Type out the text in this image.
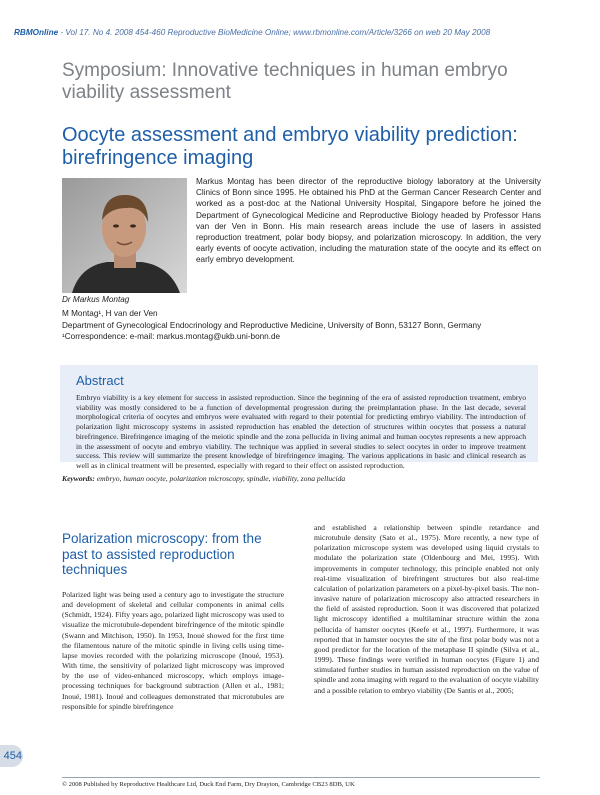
RBMOnline - Vol 17. No 4. 2008 454-460 Reproductive BioMedicine Online; www.rbmonline.com/Article/3266 on web 20 May 2008
Symposium: Innovative techniques in human embryo viability assessment
Oocyte assessment and embryo viability prediction: birefringence imaging
Markus Montag has been director of the reproductive biology laboratory at the University Clinics of Bonn since 1995. He obtained his PhD at the German Cancer Research Center and worked as a post-doc at the National University Hospital, Singapore before he joined the Department of Gynecological Medicine and Reproductive Biology headed by Professor Hans van der Ven in Bonn. His main research areas include the use of lasers in assisted reproduction treatment, polar body biopsy, and polarization microscopy. In addition, the very early events of oocyte activation, including the maturation state of the oocyte and its effect on early embryo development.
Dr Markus Montag
M Montag¹, H van der Ven
Department of Gynecological Endocrinology and Reproductive Medicine, University of Bonn, 53127 Bonn, Germany
¹Correspondence: e-mail: markus.montag@ukb.uni-bonn.de
Abstract
Embryo viability is a key element for success in assisted reproduction. Since the beginning of the era of assisted reproduction treatment, embryo viability was mostly considered to be a function of developmental progression during the preimplantation phase. In the last decade, several morphological criteria of oocytes and embryos were evaluated with regard to their potential for predicting embryo viability. The introduction of polarization light microscopy systems in assisted reproduction has enabled the detection of structures within oocytes that possess a natural birefringence. Birefringence imaging of the meiotic spindle and the zona pellucida in living animal and human oocytes represents a new approach in the assessment of oocyte and embryo viability. The technique was applied in several studies to select oocytes in order to improve treatment success. This review will summarize the present knowledge of birefringence imaging. The various applications in basic and clinical research as well as in clinical treatment will be presented, especially with regard to their effect on assisted reproduction.
Keywords: embryo, human oocyte, polarization microscopy, spindle, viability, zona pellucida
Polarization microscopy: from the past to assisted reproduction techniques
Polarized light was being used a century ago to investigate the structure and development of skeletal and cellular components in animal cells (Schmidt, 1924). Fifty years ago, polarized light microscopy was used to visualize the microtubule-dependent birefringence of the mitotic spindle (Swann and Mitchison, 1950). In 1953, Inoué showed for the first time the filamentous nature of the mitotic spindle in living cells using time-lapse movies recorded with the polarizing microscope (Inoué, 1953). With time, the sensitivity of polarized light microscopy was improved by the use of video-enhanced microscopy, which employs image-processing techniques for background subtraction (Allen et al., 1981; Inoué, 1981). Inoué and colleagues demonstrated that microtubules are responsible for spindle birefringence
and established a relationship between spindle retardance and microtubule density (Sato et al., 1975). More recently, a new type of polarization microscope system was developed using liquid crystals to modulate the polarization state (Oldenbourg and Mei, 1995). With improvements in computer technology, this principle enabled not only real-time visualization of birefringent structures but also real-time calculation of polarization parameters on a pixel-by-pixel basis. The non-invasive nature of polarization microscopy also attracted researchers in the field of assisted reproduction. Soon it was discovered that polarized light microscopy identified a multilaminar structure within the zona pellucida of hamster oocytes (Keefe et al., 1997). Furthermore, it was reported that in hamster oocytes the site of the first polar body was not a good predictor for the location of the metaphase II spindle (Silva et al., 1999). These findings were verified in human oocytes (Figure 1) and stimulated further studies in human assisted reproduction on the value of spindle and zona imaging with regard to the evaluation of oocyte viability and a possible relation to embryo viability (De Santis et al., 2005;
454
© 2008 Published by Reproductive Healthcare Ltd, Duck End Farm, Dry Drayton, Cambridge CB23 8DB, UK
